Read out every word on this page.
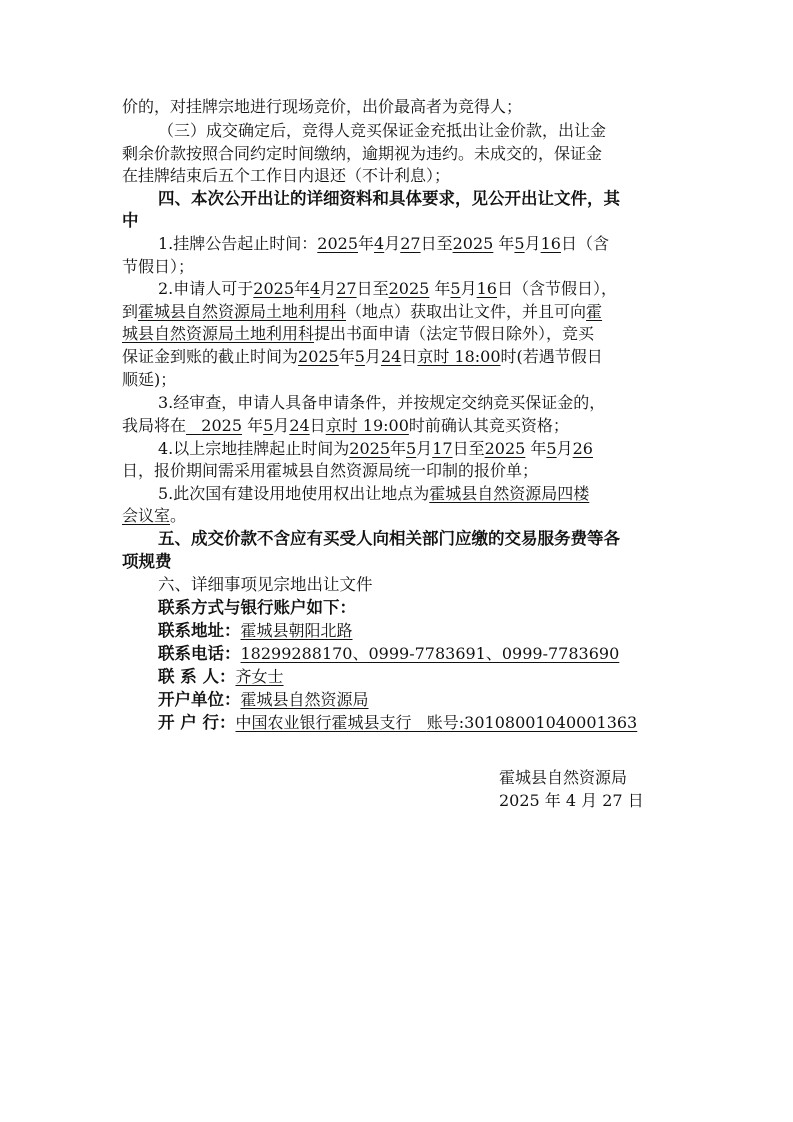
价的，对挂牌宗地进行现场竞价，出价最高者为竞得人；
（三）成交确定后，竞得人竞买保证金充抵出让金价款，出让金
剩余价款按照合同约定时间缴纳，逾期视为违约。未成交的，保证金
在挂牌结束后五个工作日内退还（不计利息）；
四、本次公开出让的详细资料和具体要求，见公开出让文件，其
中
1.挂牌公告起止时间：2025年4月27日至2025 年5月16日（含
节假日）；
2.申请人可于2025年4月27日至2025 年5月16日（含节假日），
到霍城县自然资源局土地利用科（地点）获取出让文件，并且可向霍
城县自然资源局土地利用科提出书面申请（法定节假日除外），竞买
保证金到账的截止时间为2025年5月24日京时 18:00时(若遇节假日
顺延)；
3.经审查，申请人具备申请条件，并按规定交纳竞买保证金的，
我局将在 2025 年5月24日京时 19:00时前确认其竞买资格；
4.以上宗地挂牌起止时间为2025年5月17日至2025 年5月26
日，报价期间需采用霍城县自然资源局统一印制的报价单；
5.此次国有建设用地使用权出让地点为霍城县自然资源局四楼
会议室。
五、成交价款不含应有买受人向相关部门应缴的交易服务费等各
项规费
六、详细事项见宗地出让文件
联系方式与银行账户如下：
联系地址：霍城县朝阳北路
联系电话：18299288170、0999-7783691、0999-7783690
联 系 人：齐女士
开户单位：霍城县自然资源局
开 户 行：中国农业银行霍城县支行 账号:30108001040001363
霍城县自然资源局
2025 年 4 月 27 日
